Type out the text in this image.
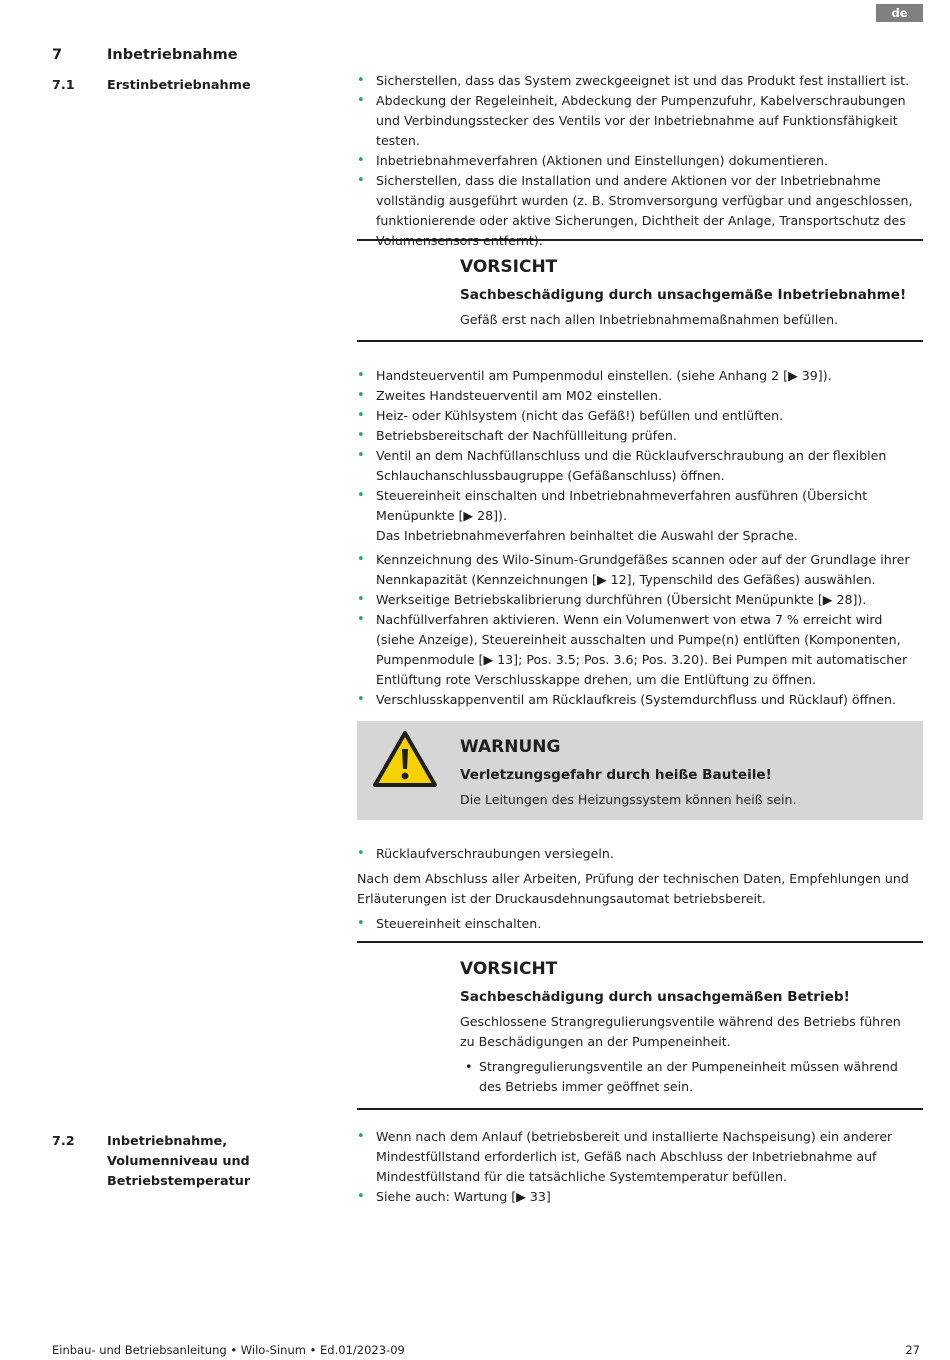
de
7	Inbetriebnahme
7.1	Erstinbetriebnahme
•	Sicherstellen, dass das System zweckgeeignet ist und das Produkt fest installiert ist.
• Abdeckung der Regeleinheit, Abdeckung der Pumpenzufuhr, Kabelverschraubungen und Verbindungsstecker des Ventils vor der Inbetriebnahme auf Funktionsfähigkeit testen.
• Inbetriebnahmeverfahren (Aktionen und Einstellungen) dokumentieren.
• Sicherstellen, dass die Installation und andere Aktionen vor der Inbetriebnahme vollständig ausgeführt wurden (z. B. Stromversorgung verfügbar und angeschlossen, funktionierende oder aktive Sicherungen, Dichtheit der Anlage, Transportschutz des
VORSICHT
Sachbeschädigung durch unsachgemäße Inbetriebnahme!
Gefäß erst nach allen Inbetriebnahmemaßnahmen befüllen.
• Handsteuerventil am Pumpenmodul einstellen. (siehe Anhang 2 [▶ 39]).
• Zweites Handsteuerventil am M02 einstellen.
• Heiz- oder Kühlsystem (nicht das Gefäß!) befüllen und entlüften.
• Betriebsbereitschaft der Nachfüllleitung prüfen.
• Ventil an dem Nachfüllanschluss und die Rücklaufverschraubung an der flexiblen Schlauchanschlussbaugruppe (Gefäßanschluss) öffnen.
• Steuereinheit einschalten und Inbetriebnahmeverfahren ausführen (Übersicht Menüpunkte [▶ 28]).
Das Inbetriebnahmeverfahren beinhaltet die Auswahl der Sprache.
• Kennzeichnung des Wilo-Sinum-Grundgefäßes scannen oder auf der Grundlage ihrer Nennkapazität (Kennzeichnungen [▶ 12], Typenschild des Gefäßes) auswählen.
• Werkseitige Betriebskalibrierung durchführen (Übersicht Menüpunkte [▶ 28]).
• Nachfüllverfahren aktivieren. Wenn ein Volumenwert von etwa 7 % erreicht wird (siehe Anzeige), Steuereinheit ausschalten und Pumpe(n) entlüften (Komponenten, Pumpenmodule [▶ 13]; Pos. 3.5; Pos. 3.6; Pos. 3.20). Bei Pumpen mit automatischer Entlüftung rote Verschlusskappe drehen, um die Entlüftung zu öffnen.
• Verschlusskappenventil am Rücklaufkreis (Systemdurchfluss und Rücklauf) öffnen.
WARNUNG
Verletzungsgefahr durch heiße Bauteile!
Die Leitungen des Heizungssystem können heiß sein.
• Rücklaufverschraubungen versiegeln.
Nach dem Abschluss aller Arbeiten, Prüfung der technischen Daten, Empfehlungen und Erläuterungen ist der Druckausdehnungsautomat betriebsbereit.
• Steuereinheit einschalten.
VORSICHT
Sachbeschädigung durch unsachgemäßen Betrieb!
Geschlossene Strangregulierungsventile während des Betriebs führen zu Beschädigungen an der Pumpeneinheit.
• Strangregulierungsventile an der Pumpeneinheit müssen während des Betriebs immer geöffnet sein.
7.2	Inbetriebnahme, Volumenniveau und Betriebstemperatur
• Wenn nach dem Anlauf (betriebsbereit und installierte Nachspeisung) ein anderer Mindestfüllstand erforderlich ist, Gefäß nach Abschluss der Inbetriebnahme auf Mindestfüllstand für die tatsächliche Systemtemperatur befüllen.
• Siehe auch: Wartung [▶ 33]
Einbau- und Betriebsanleitung • Wilo-Sinum • Ed.01/2023-09	27
